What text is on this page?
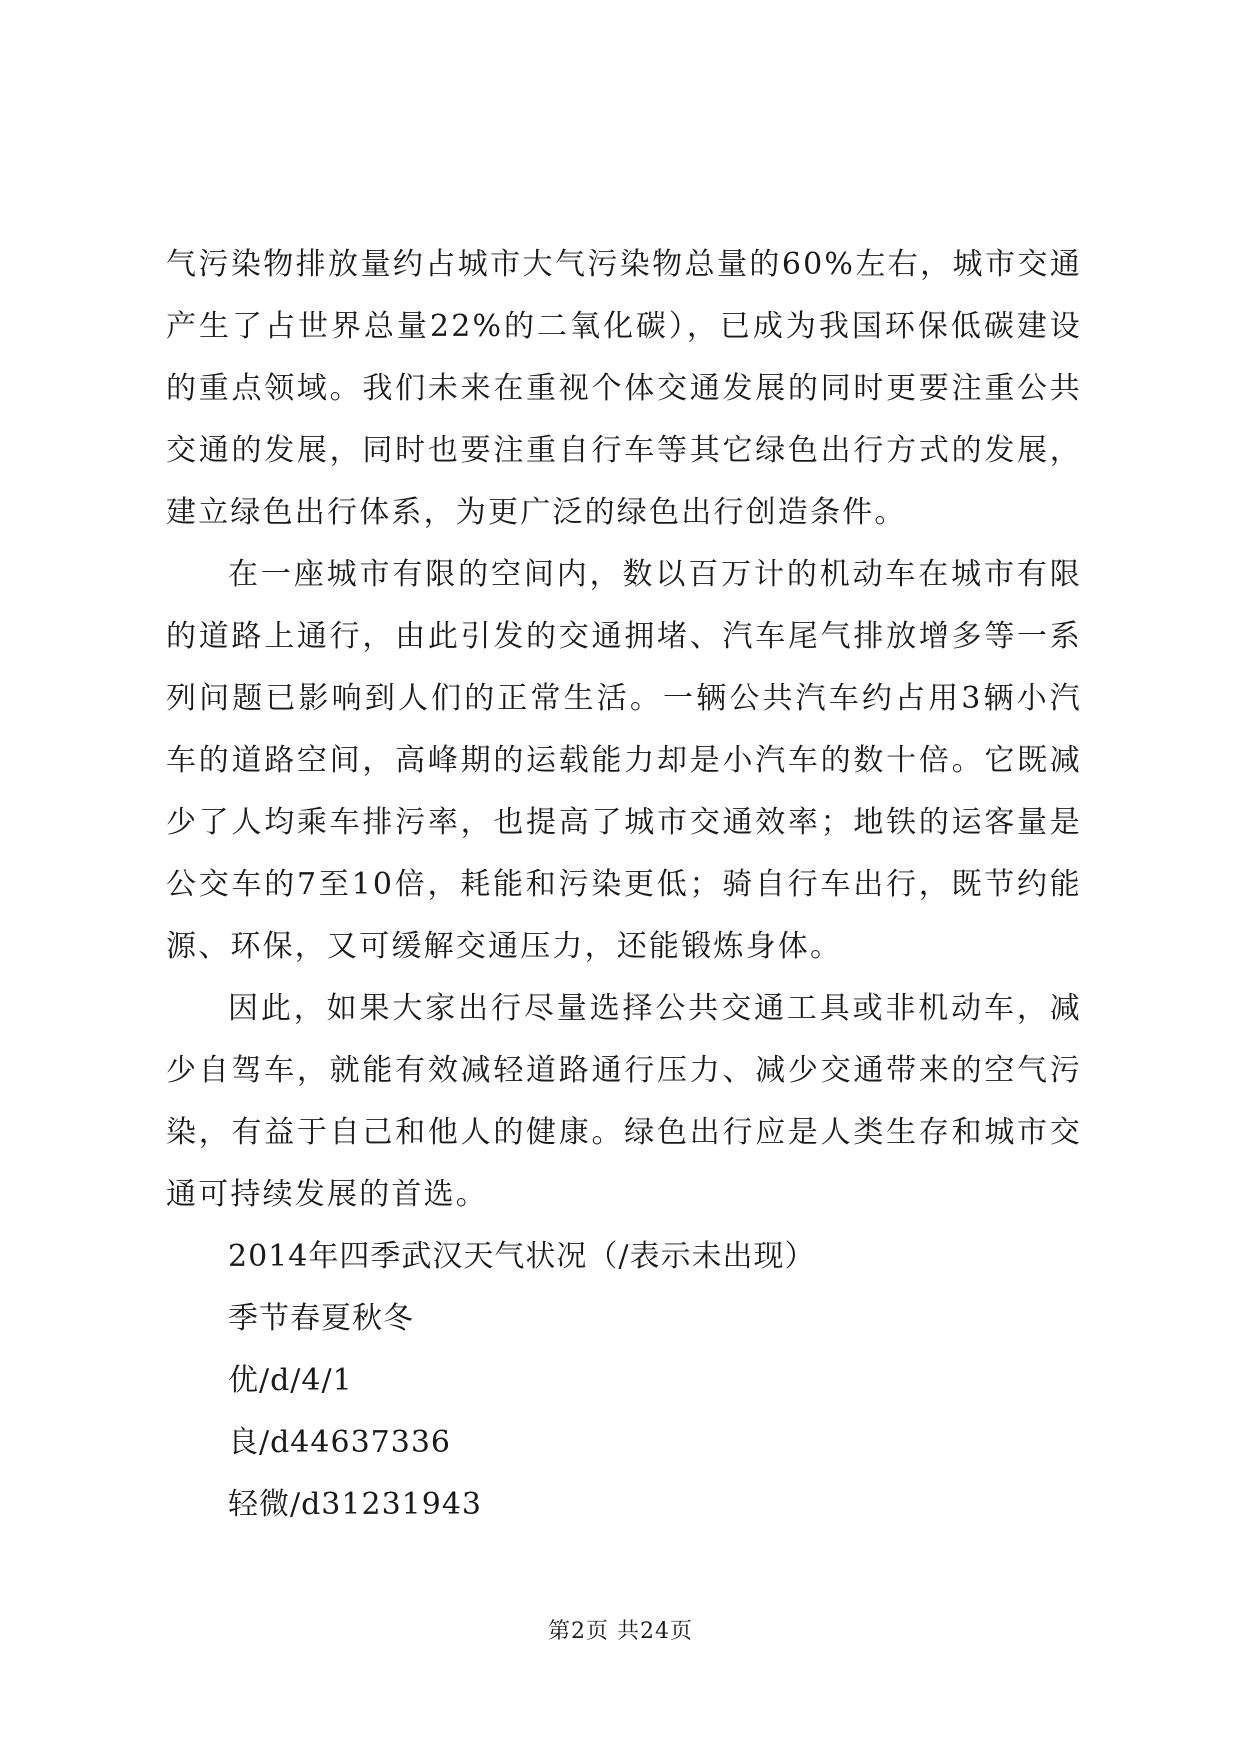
气污染物排放量约占城市大气污染物总量的60%左右，城市交通产生了占世界总量22%的二氧化碳），已成为我国环保低碳建设的重点领域。我们未来在重视个体交通发展的同时更要注重公共交通的发展，同时也要注重自行车等其它绿色出行方式的发展，建立绿色出行体系，为更广泛的绿色出行创造条件。

在一座城市有限的空间内，数以百万计的机动车在城市有限的道路上通行，由此引发的交通拥堵、汽车尾气排放增多等一系列问题已影响到人们的正常生活。一辆公共汽车约占用3辆小汽车的道路空间，高峰期的运载能力却是小汽车的数十倍。它既减少了人均乘车排污率，也提高了城市交通效率；地铁的运客量是公交车的7至10倍，耗能和污染更低；骑自行车出行，既节约能源、环保，又可缓解交通压力，还能锻炼身体。

因此，如果大家出行尽量选择公共交通工具或非机动车，减少自驾车，就能有效减轻道路通行压力、减少交通带来的空气污染，有益于自己和他人的健康。绿色出行应是人类生存和城市交通可持续发展的首选。

2014年四季武汉天气状况（/表示未出现）

季节春夏秋冬

优/d/4/1

良/d44637336

轻微/d31231943

第2页 共24页
